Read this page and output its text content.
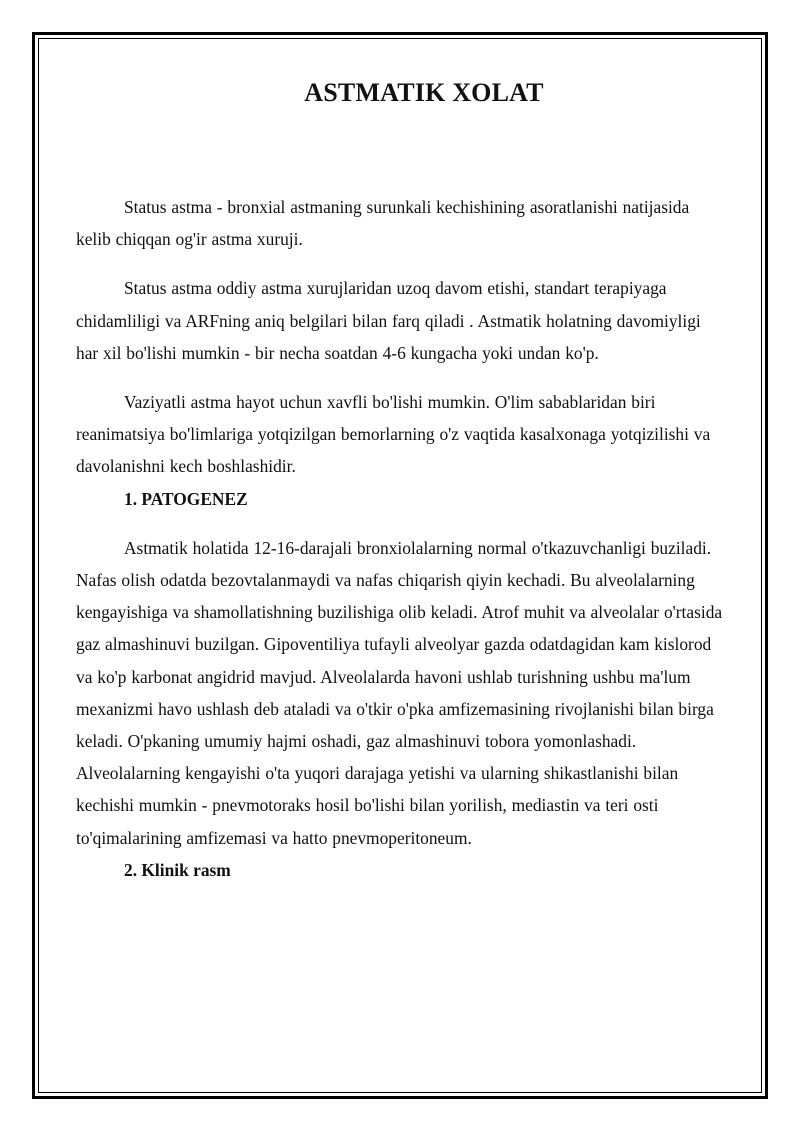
ASTMATIK XOLAT

Status astma - bronxial astmaning surunkali kechishining asoratlanishi natijasida kelib chiqqan og'ir astma xuruji.

Status astma oddiy astma xurujlaridan uzoq davom etishi, standart terapiyaga chidamliligi va ARFning aniq belgilari bilan farq qiladi . Astmatik holatning davomiyligi har xil bo'lishi mumkin - bir necha soatdan 4-6 kungacha yoki undan ko'p.

Vaziyatli astma hayot uchun xavfli bo'lishi mumkin. O'lim sabablaridan biri reanimatsiya bo'limlariga yotqizilgan bemorlarning o'z vaqtida kasalxonaga yotqizilishi va davolanishni kech boshlashidir.

1. PATOGENEZ

Astmatik holatida 12-16-darajali bronxiolalarning normal o'tkazuvchanligi buziladi. Nafas olish odatda bezovtalanmaydi va nafas chiqarish qiyin kechadi. Bu alveolalarning kengayishiga va shamollatishning buzilishiga olib keladi. Atrof muhit va alveolalar o'rtasida gaz almashinuvi buzilgan. Gipoventiliya tufayli alveolyar gazda odatdagidan kam kislorod va ko'p karbonat angidrid mavjud. Alveolalarda havoni ushlab turishning ushbu ma'lum mexanizmi havo ushlash deb ataladi va o'tkir o'pka amfizemasining rivojlanishi bilan birga keladi. O'pkaning umumiy hajmi oshadi, gaz almashinuvi tobora yomonlashadi. Alveolalarning kengayishi o'ta yuqori darajaga yetishi va ularning shikastlanishi bilan kechishi mumkin - pnevmotoraks hosil bo'lishi bilan yorilish, mediastin va teri osti to'qimalarining amfizemasi va hatto pnevmoperitoneum.

2. Klinik rasm
